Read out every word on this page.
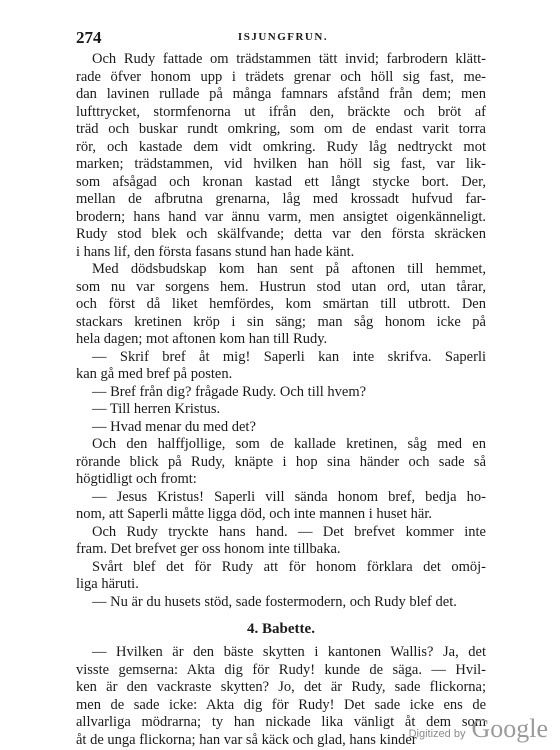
274	ISJUNGFRUN.
Och Rudy fattade om trädstammen tätt invid; farbrodern klätt-
rade öfver honom upp i trädets grenar och höll sig fast, me-
dan lavinen rullade på många famnars afstånd från dem; men
lufttrycket, stormfenorna ut ifrån den, bräckte och bröt af
träd och buskar rundt omkring, som om de endast varit torra
rör, och kastade dem vidt omkring. Rudy låg nedtryckt mot
marken; trädstammen, vid hvilken han höll sig fast, var lik-
som afsågad och kronan kastad ett långt stycke bort. Der,
mellan de afbrutna grenarna, låg med krossadt hufvud far-
brodern; hans hand var ännu varm, men ansigtet oigenkänneligt.
Rudy stod blek och skälfvande; detta var den första skräcken
i hans lif, den första fasans stund han hade känt.
Med dödsbudskap kom han sent på aftonen till hemmet,
som nu var sorgens hem. Hustrun stod utan ord, utan tårar,
och först då liket hemfördes, kom smärtan till utbrott. Den
stackars kretinen kröp i sin säng; man såg honom icke på
hela dagen; mot aftonen kom han till Rudy.
— Skrif bref åt mig! Saperli kan inte skrifva. Saperli
kan gå med bref på posten.
— Bref från dig? frågade Rudy. Och till hvem?
— Till herren Kristus.
— Hvad menar du med det?
Och den halffjollige, som de kallade kretinen, såg med en
rörande blick på Rudy, knäpte i hop sina händer och sade så
högtidligt och fromt:
— Jesus Kristus! Saperli vill sända honom bref, bedja ho-
nom, att Saperli måtte ligga död, och inte mannen i huset här.
Och Rudy tryckte hans hand. — Det brefvet kommer inte
fram. Det brefvet ger oss honom inte tillbaka.
Svårt blef det för Rudy att för honom förklara det omöj-
liga häruti.
— Nu är du husets stöd, sade fostermodern, och Rudy blef det.
4. Babette.
— Hvilken är den bäste skytten i kantonen Wallis? Ja, det
visste gemserna: Akta dig för Rudy! kunde de säga. — Hvil-
ken är den vackraste skytten? Jo, det är Rudy, sade flickorna;
men de sade icke: Akta dig för Rudy! Det sade icke ens de
allvarliga mödrarna; ty han nickade lika vänligt åt dem som
åt de unga flickorna; han var så käck och glad, hans kinder
Digitized by Google
